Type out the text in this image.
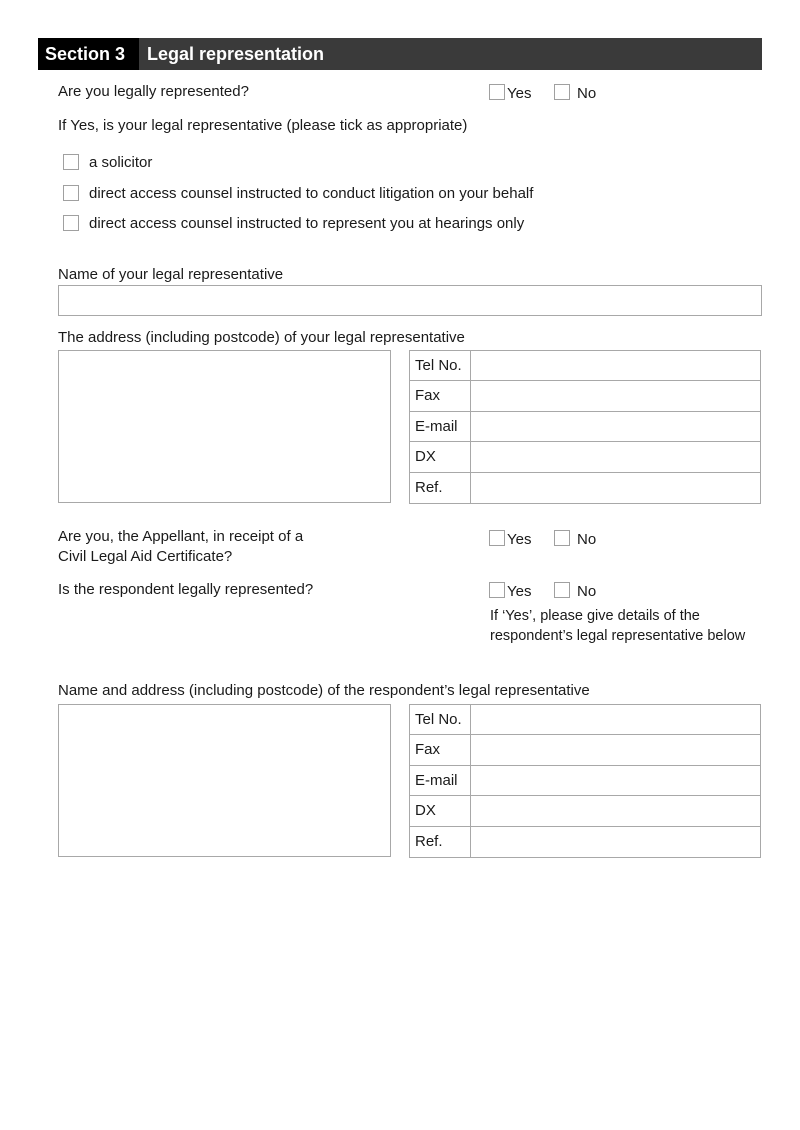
Section 3	Legal representation
Are you legally represented?	Yes	No
If Yes, is your legal representative (please tick as appropriate)
a solicitor
direct access counsel instructed to conduct litigation on your behalf
direct access counsel instructed to represent you at hearings only
Name of your legal representative
The address (including postcode) of your legal representative
Tel No.
Fax
E-mail
DX
Ref.
Are you, the Appellant, in receipt of a
Civil Legal Aid Certificate?
Yes	No
Is the respondent legally represented?	Yes	No
If ‘Yes’, please give details of the
respondent’s legal representative below
Name and address (including postcode) of the respondent’s legal representative
Tel No.
Fax
E-mail
DX
Ref.
